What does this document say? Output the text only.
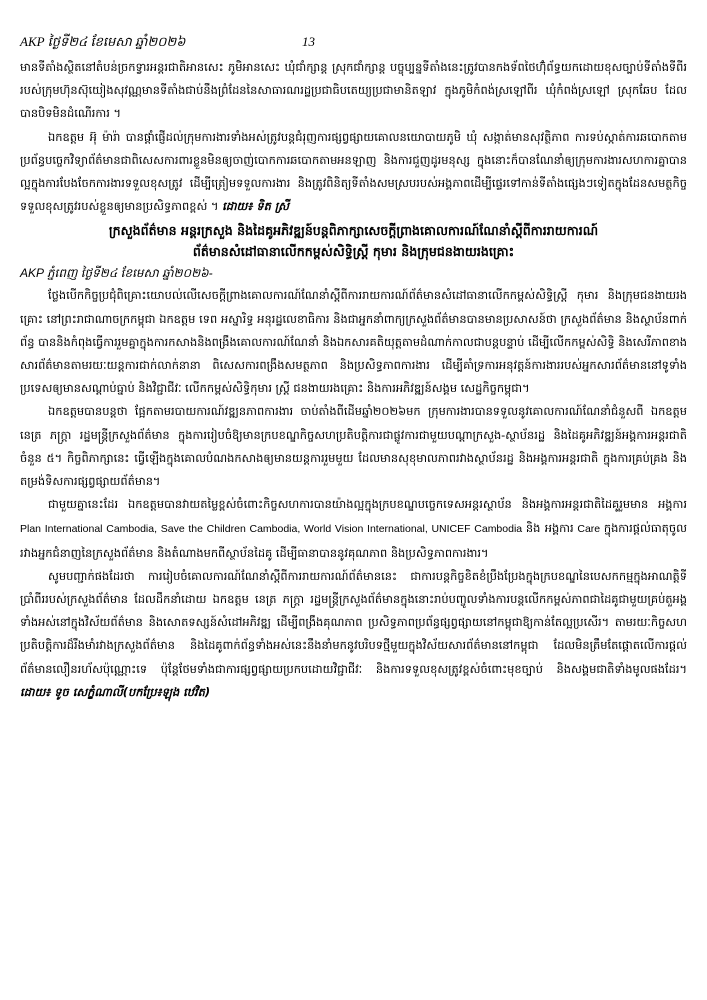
AKP ថ្ងៃទី២៤ ខែមេសា ឆ្នាំ២០២៦	13

មានទីតាំងស្ថិតនៅតំបន់ច្រកទ្វារអន្តរជាតិអានសេះ ភូមិអានសេះ ឃុំជាំក្សាន្ត ស្រុកជាំក្សាន្ត បច្ចុប្បន្នទីតាំងនេះត្រូវបានកងទ័ពថៃហ៊ុំព័ទ្ធយកដោយខុសច្បាប់ទីតាំងទីពីរ របស់ក្រុមហ៊ុនស៊ុយៀងសុវណ្ណមានទីតាំងជាប់នឹងព្រំដែននៃសាធារណរដ្ឋប្រជាធិបតេយ្យប្រជាមានិតឡាវ ក្នុងភូមិកំពង់ស្រឡៅពីរ ឃុំកំពង់ស្រឡៅ ស្រុកឆែប ដែលបានបិទមិនដំណើរការ ។

ឯកឧត្តម អ៊ុ ម៉ារ៉ា បានផ្តាំផ្ញើដល់ក្រុមការងារទាំងអស់ត្រូវបន្តជំរុញការផ្សព្វផ្សាយគោលនយោបាយភូមិ ឃុំ សង្កាត់មានសុវត្ថិភាព ការទប់ស្កាត់ការឆបោកតាមប្រព័ន្ធបច្ចេកវិទ្យាព័ត៌មានជាពិសេសការពារខ្លួនមិនឲ្យចាញ់បោកការឆបោកតាមអនឡាញ និងការជួញដូរមនុស្ស ក្នុងនោះក៏បានណែនាំឲ្យក្រុមការងារសហការគ្នាបានល្អក្នុងការបែងចែកការងារទទួលខុសត្រូវ ដើម្បីត្រៀមទទួលការងារ និងត្រូវពិនិត្យទីតាំងសមស្របរបស់អង្គភាពដើម្បីផ្ទេរទៅកាន់ទីតាំងផ្សេងៗទៀតក្នុងដែនសមត្ថកិច្ចទទួលខុសត្រូវរបស់ខ្លួនឲ្យមានប្រសិទ្ធភាពខ្ពស់ ។ ដោយ៖ ទិត ស្រី

ក្រសួងព័ត៌មាន អន្តរក្រសួង និងដៃគូអភិវឌ្ឍន៍បន្តពិភាក្សាសេចក្តីព្រាងគោលការណ៍ណែនាំស្តីពីការរាយការណ៍
ព័ត៌មានសំដៅធានាលើកកម្ពស់សិទ្ធិស្ត្រី កុមារ និងក្រុមជនងាយរងគ្រោះ
AKP ភ្នំពេញ ថ្ងៃទី២៤ ខែមេសា ឆ្នាំ២០២៦-

ថ្លែងបើកកិច្ចប្រជុំពិគ្រោះយោបល់លើសេចក្តីព្រាងគោលការណ៍ណែនាំស្តីពីការរាយការណ៍ព័ត៌មានសំដៅធានាលើកកម្ពស់សិទ្ធិស្ត្រី កុមារ និងក្រុមជនងាយរងគ្រោះ នៅព្រះរាជាណាចក្រកម្ពុជា ឯកឧត្តម ទេព អស្នារិទ្ធ អនុរដ្ឋលេខាធិការ និងជាអ្នកនាំពាក្យក្រសួងព័ត៌មានបានមានប្រសាសន៍ថា ក្រសួងព័ត៌មាន និងស្ថាប័នពាក់ព័ន្ធ បាននិងកំពុងធ្វើការរួមគ្នាក្នុងការកសាងនិងពង្រឹងគោលការណ៍ណែនាំ និងឯកសារគតិយុត្តតាមដំណាក់កាលជាបន្តបន្ទាប់ ដើម្បីលើកកម្ពស់សិទ្ធិ និងសេរីភាពខាងសារព័ត៌មានតាមរយៈយន្តការជាក់លាក់នានា ពិសេសការពង្រឹងសមត្ថភាព និងប្រសិទ្ធភាពការងារ ដើម្បីគាំទ្រការអនុវត្តន៍ការងាររបស់អ្នកសារព័ត៌មាននៅទូទាំងប្រទេសឲ្យមានសណ្តាប់ធ្នាប់ និងវិជ្ជាជីវៈ លើកកម្ពស់សិទ្ធិកុមារ ស្ត្រី ជនងាយរងគ្រោះ និងការអភិវឌ្ឍន៍សង្គម សេដ្ឋកិច្ចកម្ពុជា។

ឯកឧត្តមបានបន្តថា ផ្អែកតាមរបាយការណ៍វឌ្ឍនភាពការងារ ចាប់តាំងពីដើមឆ្នាំ២០២៦មក ក្រុមការងារបានទទួលនូវគោលការណ៍ណែនាំជំនួសពី ឯកឧត្តម នេត្រ ភក្ត្រា រដ្ឋមន្ត្រីក្រសួងព័ត៌មាន ក្នុងការរៀបចំឱ្យមានក្របខណ្ឌកិច្ចសហប្រតិបត្តិការជាផ្លូវការជាមួយបណ្តាក្រសួង-ស្ថាប័នរដ្ឋ និងដៃគូអភិវឌ្ឍន៍អង្គការអន្តរជាតិចំនួន ៥។ កិច្ចពិភាក្សានេះ ធ្វើឡើងក្នុងគោលបំណងកសាងឲ្យមានយន្តការរួមមួយ ដែលមានសុខុមាលភាពរវាងស្ថាប័នរដ្ឋ និងអង្គការអន្តរជាតិ ក្នុងការគ្រប់គ្រង និងតម្រង់ទិសការផ្សព្វផ្សាយព័ត៌មាន។

ជាមួយគ្នានេះដែរ ឯកឧត្តមបានវាយតម្លៃខ្ពស់ចំពោះកិច្ចសហការបានយ៉ាងល្អក្នុងក្របខណ្ឌបច្ចេកទេសអន្តរស្ថាប័ន និងអង្គការអន្តរជាតិដៃគូរួមមាន អង្គការ Plan International Cambodia, Save the Children Cambodia, World Vision International, UNICEF Cambodia និង អង្គការ Care ក្នុងការផ្តល់ធាតុចូលរវាងអ្នកជំនាញនៃក្រសួងព័ត៌មាន និងតំណាងមកពីស្ថាប័នដៃគូ ដើម្បីធានាបាននូវគុណភាព និងប្រសិទ្ធភាពការងារ។

សូមបញ្ជាក់ផងដែរថា ការរៀបចំគោលការណ៍ណែនាំស្តីពីការរាយការណ៍ព័ត៌មាននេះ ជាការបន្តកិច្ចខិតខំប្រឹងប្រែងក្នុងក្របខណ្ឌនៃបេសកកម្មក្នុងអាណត្តិទីប្រាំពីររបស់ក្រសួងព័ត៌មាន ដែលដឹកនាំដោយ ឯកឧត្តម នេត្រ ភក្ត្រា រដ្ឋមន្ត្រីក្រសួងព័ត៌មានក្នុងនោះរាប់បញ្ចូលទាំងការបន្តលើកកម្ពស់ភាពជាដៃគូជាមួយគ្រប់តួអង្គទាំងអស់នៅក្នុងវិស័យព័ត៌មាន និងសោតទស្សន៍សំដៅអភិវឌ្ឍ ដើម្បីពង្រឹងគុណភាព ប្រសិទ្ធភាពប្រព័ន្ធផ្សព្វផ្សាយនៅកម្ពុជាឱ្យកាន់តែល្អប្រសើរ។ តាមរយៈកិច្ចសហប្រតិបត្តិការដ៏រឹងមាំរវាងក្រសួងព័ត៌មាន និងដៃគូពាក់ព័ន្ធទាំងអស់នេះនឹងនាំមកនូវបរិបទថ្មីមួយក្នុងវិស័យសារព័ត៌មាននៅកម្ពុជា ដែលមិនត្រឹមតែផ្តោតលើការផ្តល់ព័ត៌មានលឿនរហ័សប៉ុណ្ណោះទេ ប៉ុន្តែថែមទាំងជាការផ្សព្វផ្សាយប្រកបដោយវិជ្ជាជីវៈ និងការទទួលខុសត្រូវខ្ពស់ចំពោះមុខច្បាប់ និងសង្គមជាតិទាំងមូលផងដែរ។ ដោយ៖ ទូច សេក្ខំណាលី(បកប្រែ៖ឡុង ឋេវិត)
